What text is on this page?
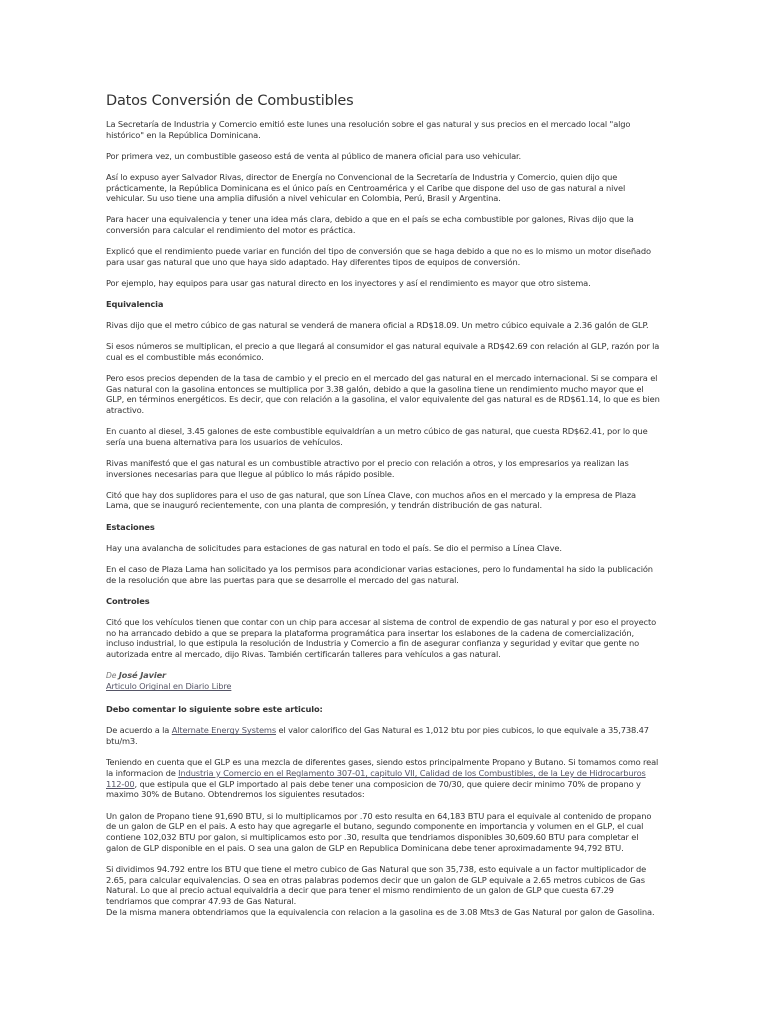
Datos Conversión de Combustibles

La Secretaría de Industria y Comercio emitió este lunes una resolución sobre el gas natural y sus precios en el mercado local "algo histórico" en la República Dominicana.

Por primera vez, un combustible gaseoso está de venta al público de manera oficial para uso vehicular.

Así lo expuso ayer Salvador Rivas, director de Energía no Convencional de la Secretaría de Industria y Comercio, quien dijo que prácticamente, la República Dominicana es el único país en Centroamérica y el Caribe que dispone del uso de gas natural a nivel vehicular. Su uso tiene una amplia difusión a nivel vehicular en Colombia, Perú, Brasil y Argentina.

Para hacer una equivalencia y tener una idea más clara, debido a que en el país se echa combustible por galones, Rivas dijo que la conversión para calcular el rendimiento del motor es práctica.

Explicó que el rendimiento puede variar en función del tipo de conversión que se haga debido a que no es lo mismo un motor diseñado para usar gas natural que uno que haya sido adaptado. Hay diferentes tipos de equipos de conversión.

Por ejemplo, hay equipos para usar gas natural directo en los inyectores y así el rendimiento es mayor que otro sistema.

Equivalencia

Rivas dijo que el metro cúbico de gas natural se venderá de manera oficial a RD$18.09. Un metro cúbico equivale a 2.36 galón de GLP.

Si esos números se multiplican, el precio a que llegará al consumidor el gas natural equivale a RD$42.69 con relación al GLP, razón por la cual es el combustible más económico.

Pero esos precios dependen de la tasa de cambio y el precio en el mercado del gas natural en el mercado internacional. Si se compara el Gas natural con la gasolina entonces se multiplica por 3.38 galón, debido a que la gasolina tiene un rendimiento mucho mayor que el GLP, en términos energéticos. Es decir, que con relación a la gasolina, el valor equivalente del gas natural es de RD$61.14, lo que es bien atractivo.

En cuanto al diesel, 3.45 galones de este combustible equivaldrían a un metro cúbico de gas natural, que cuesta RD$62.41, por lo que sería una buena alternativa para los usuarios de vehículos.

Rivas manifestó que el gas natural es un combustible atractivo por el precio con relación a otros, y los empresarios ya realizan las inversiones necesarias para que llegue al público lo más rápido posible.

Citó que hay dos suplidores para el uso de gas natural, que son Línea Clave, con muchos años en el mercado y la empresa de Plaza Lama, que se inauguró recientemente, con una planta de compresión, y tendrán distribución de gas natural.

Estaciones

Hay una avalancha de solicitudes para estaciones de gas natural en todo el país. Se dio el permiso a Línea Clave.

En el caso de Plaza Lama han solicitado ya los permisos para acondicionar varias estaciones, pero lo fundamental ha sido la publicación de la resolución que abre las puertas para que se desarrolle el mercado del gas natural.

Controles

Citó que los vehículos tienen que contar con un chip para accesar al sistema de control de expendio de gas natural y por eso el proyecto no ha arrancado debido a que se prepara la plataforma programática para insertar los eslabones de la cadena de comercialización, incluso industrial, lo que estipula la resolución de Industria y Comercio a fin de asegurar confianza y seguridad y evitar que gente no autorizada entre al mercado, dijo Rivas. También certificarán talleres para vehículos a gas natural.

De José Javier
Articulo Original en Diario Libre
Debo comentar lo siguiente sobre este articulo:

De acuerdo a la Alternate Energy Systems el valor calorifico del Gas Natural es 1,012 btu por pies cubicos, lo que equivale a 35,738.47 btu/m3.

Teniendo en cuenta que el GLP es una mezcla de diferentes gases, siendo estos principalmente Propano y Butano. Si tomamos como real la informacion de Industria y Comercio en el Reglamento 307-01, capitulo VII, Calidad de los Combustibles, de la Ley de Hidrocarburos 112-00, que estipula que el GLP importado al pais debe tener una composicion de 70/30, que quiere decir minimo 70% de propano y maximo 30% de Butano. Obtendremos los siguientes resutados:

Un galon de Propano tiene 91,690 BTU, si lo multiplicamos por .70 esto resulta en 64,183 BTU para el equivale al contenido de propano de un galon de GLP en el pais. A esto hay que agregarle el butano, segundo componente en importancia y volumen en el GLP, el cual contiene 102,032 BTU por galon, si multiplicamos esto por .30, resulta que tendriamos disponibles 30,609.60 BTU para completar el galon de GLP disponible en el pais. O sea una galon de GLP en Republica Dominicana debe tener aproximadamente 94,792 BTU.

Si dividimos 94.792 entre los BTU que tiene el metro cubico de Gas Natural que son 35,738, esto equivale a un factor multiplicador de 2.65, para calcular equivalencias. O sea en otras palabras podemos decir que un galon de GLP equivale a 2.65 metros cubicos de Gas Natural. Lo que al precio actual equivaldria a decir que para tener el mismo rendimiento de un galon de GLP que cuesta 67.29 tendriamos que comprar 47.93 de Gas Natural.

De la misma manera obtendriamos que la equivalencia con relacion a la gasolina es de 3.08 Mts3 de Gas Natural por galon de Gasolina.
